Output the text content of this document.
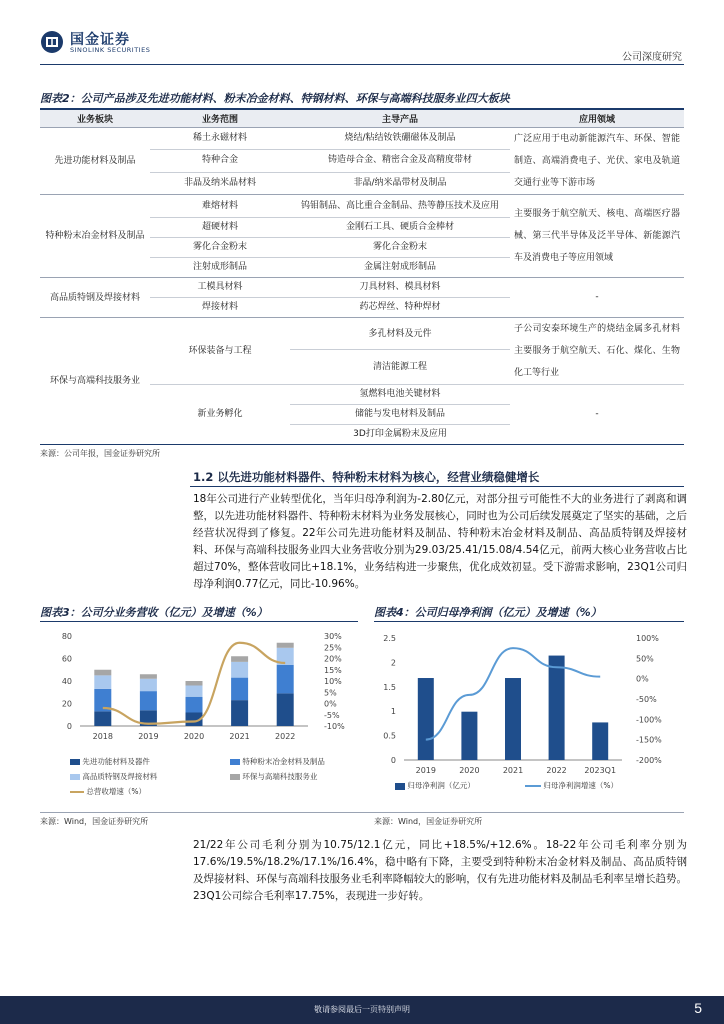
国金证券
SINOLINK SECURITIES
公司深度研究
图表2：公司产品涉及先进功能材料、粉末冶金材料、特钢材料、环保与高端科技服务业四大板块
业务板块	业务范围	主导产品	应用领域
先进功能材料及制品	稀土永磁材料	烧结/粘结钕铁硼磁体及制品	广泛应用于电动新能源汽车、环保、智能制造、高端消费电子、光伏、家电及轨道交通行业等下游市场
	特种合金	铸造母合金、精密合金及高精度带材	
	非晶及纳米晶材料	非晶/纳米晶带材及制品	
特种粉末冶金材料及制品	难熔材料	钨钼制品、高比重合金制品、热等静压技术及应用	主要服务于航空航天、核电、高端医疗器械、第三代半导体及泛半导体、新能源汽车及消费电子等应用领域
	超硬材料	金刚石工具、硬质合金棒材	
	雾化合金粉末	雾化合金粉末	
	注射成形制品	金属注射成形制品	
高品质特钢及焊接材料	工模具材料	刀具材料、模具材料	-
	焊接材料	药芯焊丝、特种焊材	
环保与高端科技服务业	环保装备与工程	多孔材料及元件	子公司安泰环境生产的烧结金属多孔材料主要服务于航空航天、石化、煤化、生物化工等行业
		清洁能源工程	
	新业务孵化	氢燃料电池关键材料	-
		储能与发电材料及制品	
		3D打印金属粉末及应用	
来源：公司年报，国金证券研究所
1.2 以先进功能材料器件、特种粉末材料为核心，经营业绩稳健增长
18年公司进行产业转型优化，当年归母净利润为-2.80亿元，对部分扭亏可能性不大的业务进行了剥离和调整，以先进功能材料器件、特种粉末材料为业务发展核心，同时也为公司后续发展奠定了坚实的基础，之后经营状况得到了修复。22年公司先进功能材料及制品、特种粉末冶金材料及制品、高品质特钢及焊接材料、环保与高端科技服务业四大业务营收分别为29.03/25.41/15.08/4.54亿元，前两大核心业务营收占比超过70%，整体营收同比+18.1%，业务结构进一步聚焦，优化成效初显。受下游需求影响，23Q1公司归母净利润0.77亿元，同比-10.96%。
图表3：公司分业务营收（亿元）及增速（%）	图表4：公司归母净利润（亿元）及增速（%）
0
20
40
60
80	30%
25%
20%
15%
10%
5%
0%
-5%
-10%
2018	2019	2020	2021	2022
先进功能材料及器件	特种粉末冶金材料及制品
高品质特钢及焊接材料	环保与高端科技服务业
总营收增速（%）
0
0.5
1
1.5
2
2.5	100%
50%
0%
-50%
-100%
-150%
-200%
2019	2020	2021	2022 2023Q1
归母净利润（亿元）	归母净利润增速（%）
来源：Wind，国金证券研究所	来源：Wind，国金证券研究所
21/22年公司毛利分别为10.75/12.1亿元，同比+18.5%/+12.6%。18-22年公司毛利率分别为17.6%/19.5%/18.2%/17.1%/16.4%，稳中略有下降，主要受到特种粉末冶金材料及制品、高品质特钢及焊接材料、环保与高端科技服务业毛利率降幅较大的影响，仅有先进功能材料及制品毛利率呈增长趋势。23Q1公司综合毛利率17.75%，表现进一步好转。
敬请参阅最后一页特别声明	5
